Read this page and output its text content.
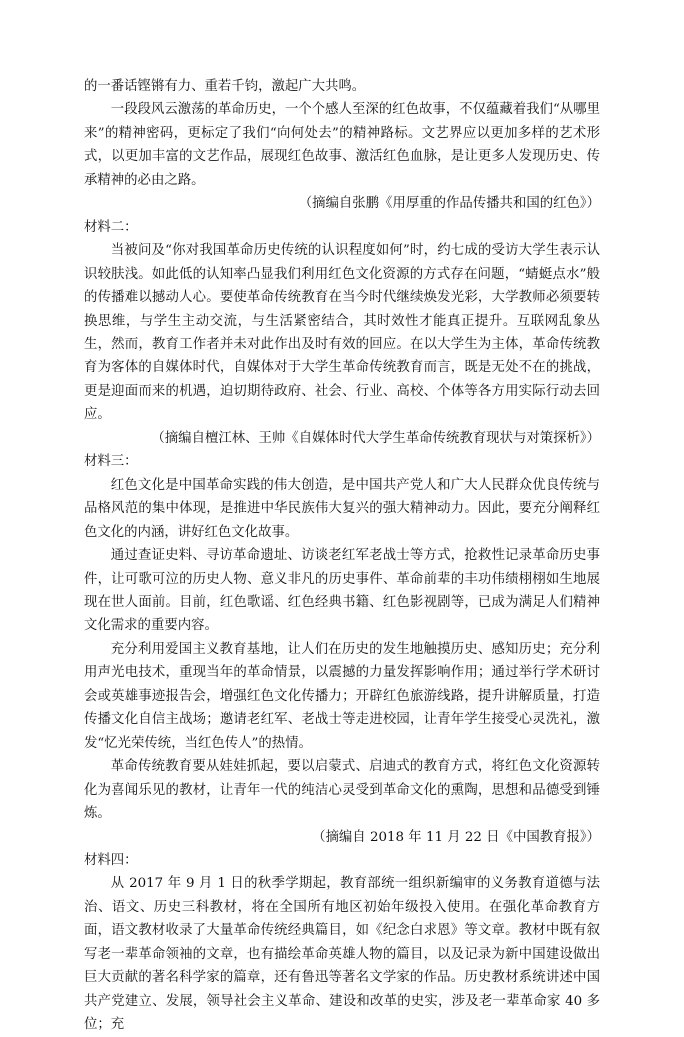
的一番话铿锵有力、重若千钧，激起广大共鸣。

一段段风云激荡的革命历史，一个个感人至深的红色故事，不仅蕴藏着我们“从哪里来”的精神密码，更标定了我们“向何处去”的精神路标。文艺界应以更加多样的艺术形式，以更加丰富的文艺作品，展现红色故事、激活红色血脉，是让更多人发现历史、传承精神的必由之路。

（摘编自张鹏《用厚重的作品传播共和国的红色》）

材料二：

当被问及“你对我国革命历史传统的认识程度如何”时，约七成的受访大学生表示认识较肤浅。如此低的认知率凸显我们利用红色文化资源的方式存在问题，“蜻蜓点水”般的传播难以撼动人心。要使革命传统教育在当今时代继续焕发光彩，大学教师必须要转换思维，与学生主动交流，与生活紧密结合，其时效性才能真正提升。互联网乱象丛生，然而，教育工作者并未对此作出及时有效的回应。在以大学生为主体，革命传统教育为客体的自媒体时代，自媒体对于大学生革命传统教育而言，既是无处不在的挑战，更是迎面而来的机遇，迫切期待政府、社会、行业、高校、个体等各方用实际行动去回应。

（摘编自檀江林、王帅《自媒体时代大学生革命传统教育现状与对策探析》）

材料三：

红色文化是中国革命实践的伟大创造，是中国共产党人和广大人民群众优良传统与品格风范的集中体现，是推进中华民族伟大复兴的强大精神动力。因此，要充分阐释红色文化的内涵，讲好红色文化故事。

通过查证史料、寻访革命遗址、访谈老红军老战士等方式，抢救性记录革命历史事件，让可歌可泣的历史人物、意义非凡的历史事件、革命前辈的丰功伟绩栩栩如生地展现在世人面前。目前，红色歌谣、红色经典书籍、红色影视剧等，已成为满足人们精神文化需求的重要内容。

充分利用爱国主义教育基地，让人们在历史的发生地触摸历史、感知历史；充分利用声光电技术，重现当年的革命情景，以震撼的力量发挥影响作用；通过举行学术研讨会或英雄事迹报告会，增强红色文化传播力；开辟红色旅游线路，提升讲解质量，打造传播文化自信主战场；邀请老红军、老战士等走进校园，让青年学生接受心灵洗礼，激发“忆光荣传统，当红色传人”的热情。

革命传统教育要从娃娃抓起，要以启蒙式、启迪式的教育方式，将红色文化资源转化为喜闻乐见的教材，让青年一代的纯洁心灵受到革命文化的熏陶，思想和品德受到锤炼。

（摘编自 2018 年 11 月 22 日《中国教育报》）

材料四：

从 2017 年 9 月 1 日的秋季学期起，教育部统一组织新编审的义务教育道德与法治、语文、历史三科教材，将在全国所有地区初始年级投入使用。在强化革命教育方面，语文教材收录了大量革命传统经典篇目，如《纪念白求恩》等文章。教材中既有叙写老一辈革命领袖的文章，也有描绘革命英雄人物的篇目，以及记录为新中国建设做出巨大贡献的著名科学家的篇章，还有鲁迅等著名文学家的作品。历史教材系统讲述中国共产党建立、发展，领导社会主义革命、建设和改革的史实，涉及老一辈革命家 40 多位；充
